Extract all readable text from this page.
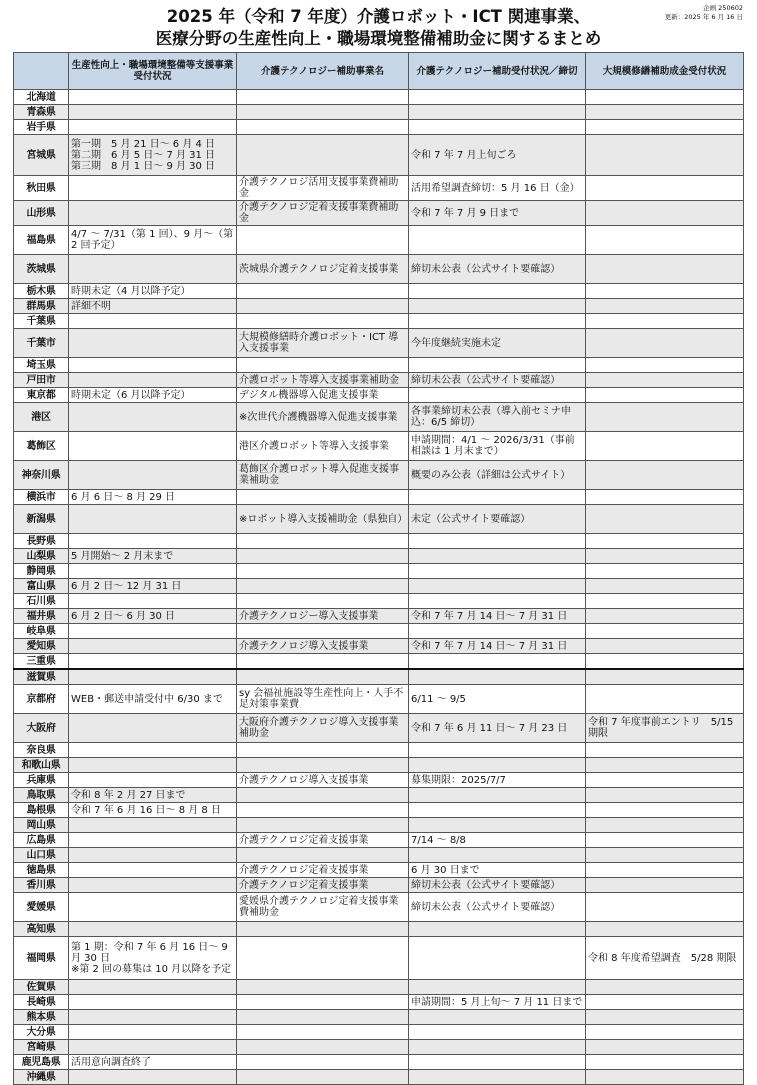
企画 250602
更新：2025 年 6 月 16 日
2025 年（令和 7 年度）介護ロボット・ICT 関連事業、
医療分野の生産性向上・職場環境整備補助金に関するまとめ
	生産性向上・職場環境整備等支援事業受付状況	介護テクノロジー補助事業名	介護テクノロジー補助受付状況／締切	大規模修繕補助成金受付状況
北海道				
青森県				
岩手県				
宮城県	第一期　5 月 21 日〜 6 月 4 日
第二期　6 月 5 日〜 7 月 31 日
第三期　8 月 1 日〜 9 月 30 日		令和 7 年 7 月上旬ごろ	
秋田県		介護テクノロジ活用支援事業費補助金	活用希望調査締切：5 月 16 日（金）	
山形県		介護テクノロジ定着支援事業費補助金	令和 7 年 7 月 9 日まで	
福島県	4/7 〜 7/31（第 1 回）、9 月〜（第 2 回予定）			
茨城県		茨城県介護テクノロジ定着支援事業	締切未公表（公式サイト要確認）	
栃木県	時期未定（4 月以降予定）			
群馬県	詳細不明			
千葉県				
千葉市		大規模修繕時介護ロボット・ICT 導入支援事業	今年度継続実施未定	
埼玉県				
戸田市		介護ロボット等導入支援事業補助金	締切未公表（公式サイト要確認）	
東京都	時期未定（6 月以降予定）	デジタル機器導入促進支援事業		
港区		※次世代介護機器導入促進支援事業	各事業締切未公表（導入前セミナ申込：6/5 締切）	
葛飾区		港区介護ロボット等導入支援事業	申請期間：4/1 〜 2026/3/31（事前相談は 1 月末まで）	
神奈川県		葛飾区介護ロボット導入促進支援事業補助金	概要のみ公表（詳細は公式サイト）	
横浜市	6 月 6 日〜 8 月 29 日			
新潟県		※ロボット導入支援補助金（県独自）	未定（公式サイト要確認）	
長野県				
山梨県	5 月開始〜 2 月末まで			
静岡県				
富山県	6 月 2 日〜 12 月 31 日			
石川県				
福井県	6 月 2 日〜 6 月 30 日	介護テクノロジー導入支援事業	令和 7 年 7 月 14 日〜 7 月 31 日	
岐阜県				
愛知県		介護テクノロジ導入支援事業	令和 7 年 7 月 14 日〜 7 月 31 日	
三重県				
滋賀県				
京都府	WEB・郵送申請受付中 6/30 まで	sy 会福祉施設等生産性向上・人手不足対策事業費	6/11 〜 9/5	
大阪府		大阪府介護テクノロジ導入支援事業補助金	令和 7 年 6 月 11 日〜 7 月 23 日	令和 7 年度事前エントリ　5/15 期限
奈良県				
和歌山県				
兵庫県		介護テクノロジ導入支援事業	募集期限：2025/7/7	
鳥取県	令和 8 年 2 月 27 日まで			
島根県	令和 7 年 6 月 16 日〜 8 月 8 日			
岡山県				
広島県		介護テクノロジ定着支援事業	7/14 〜 8/8	
山口県				
徳島県		介護テクノロジ定着支援事業	6 月 30 日まで	
香川県		介護テクノロジ定着支援事業	締切未公表（公式サイト要確認）	
愛媛県		愛媛県介護テクノロジ定着支援事業費補助金	締切未公表（公式サイト要確認）	
高知県				
福岡県	第 1 期：令和 7 年 6 月 16 日〜 9 月 30 日
※第 2 回の募集は 10 月以降を予定			令和 8 年度希望調査　5/28 期限
佐賀県				
長崎県			申請期間：5 月上旬〜 7 月 11 日まで	
熊本県				
大分県				
宮崎県				
鹿児島県	活用意向調査終了			
沖縄県				
